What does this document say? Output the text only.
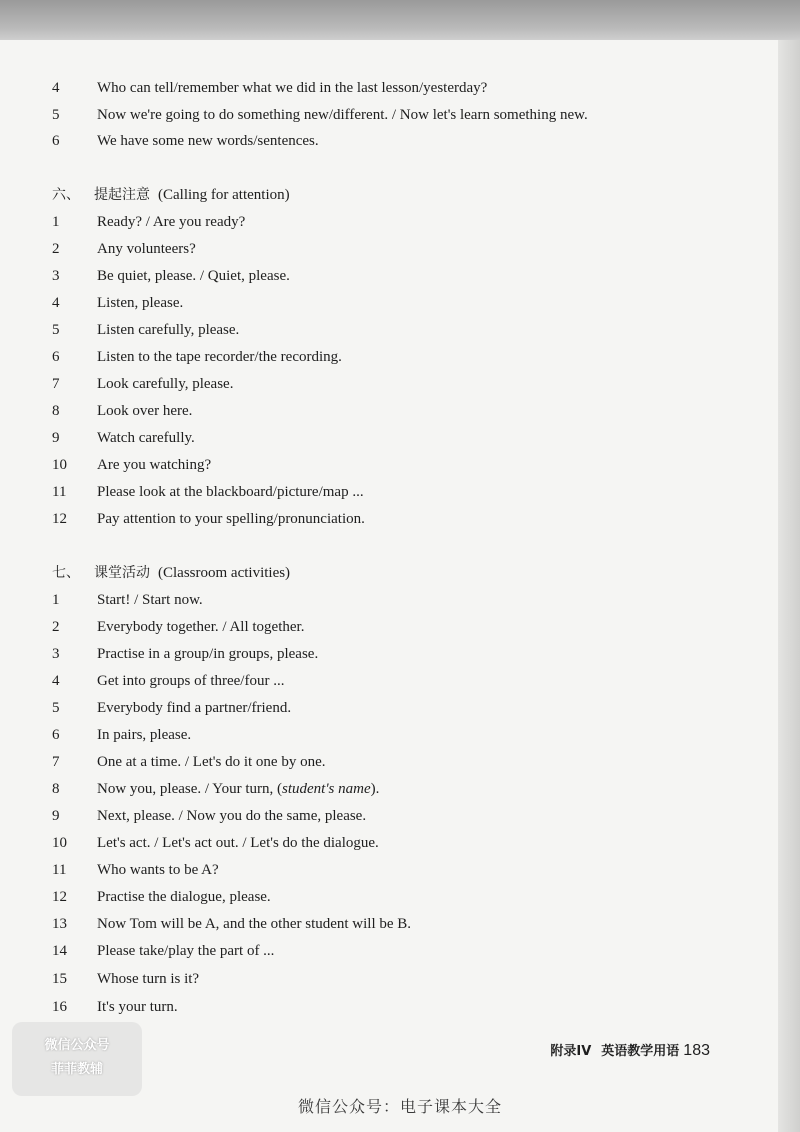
4	Who can tell/remember what we did in the last lesson/yesterday?
5	Now we're going to do something new/different. / Now let's learn something new.
6	We have some new words/sentences.
六、 提起注意 (Calling for attention)
1	Ready? / Are you ready?
2	Any volunteers?
3	Be quiet, please. / Quiet, please.
4	Listen, please.
5	Listen carefully, please.
6	Listen to the tape recorder/the recording.
7	Look carefully, please.
8	Look over here.
9	Watch carefully.
10	Are you watching?
11	Please look at the blackboard/picture/map ...
12	Pay attention to your spelling/pronunciation.
七、 课堂活动 (Classroom activities)
1	Start! / Start now.
2	Everybody together. / All together.
3	Practise in a group/in groups, please.
4	Get into groups of three/four ...
5	Everybody find a partner/friend.
6	In pairs, please.
7	One at a time. / Let's do it one by one.
8	Now you, please. / Your turn, (student's name).
9	Next, please. / Now you do the same, please.
10	Let's act. / Let's act out. / Let's do the dialogue.
11	Who wants to be A?
12	Practise the dialogue, please.
13	Now Tom will be A, and the other student will be B.
14	Please take/play the part of ...
15	Whose turn is it?
16	It's your turn.
附录IV 英语教学用语 183
微信公众号
菲菲教辅
微信公众号：电子课本大全
